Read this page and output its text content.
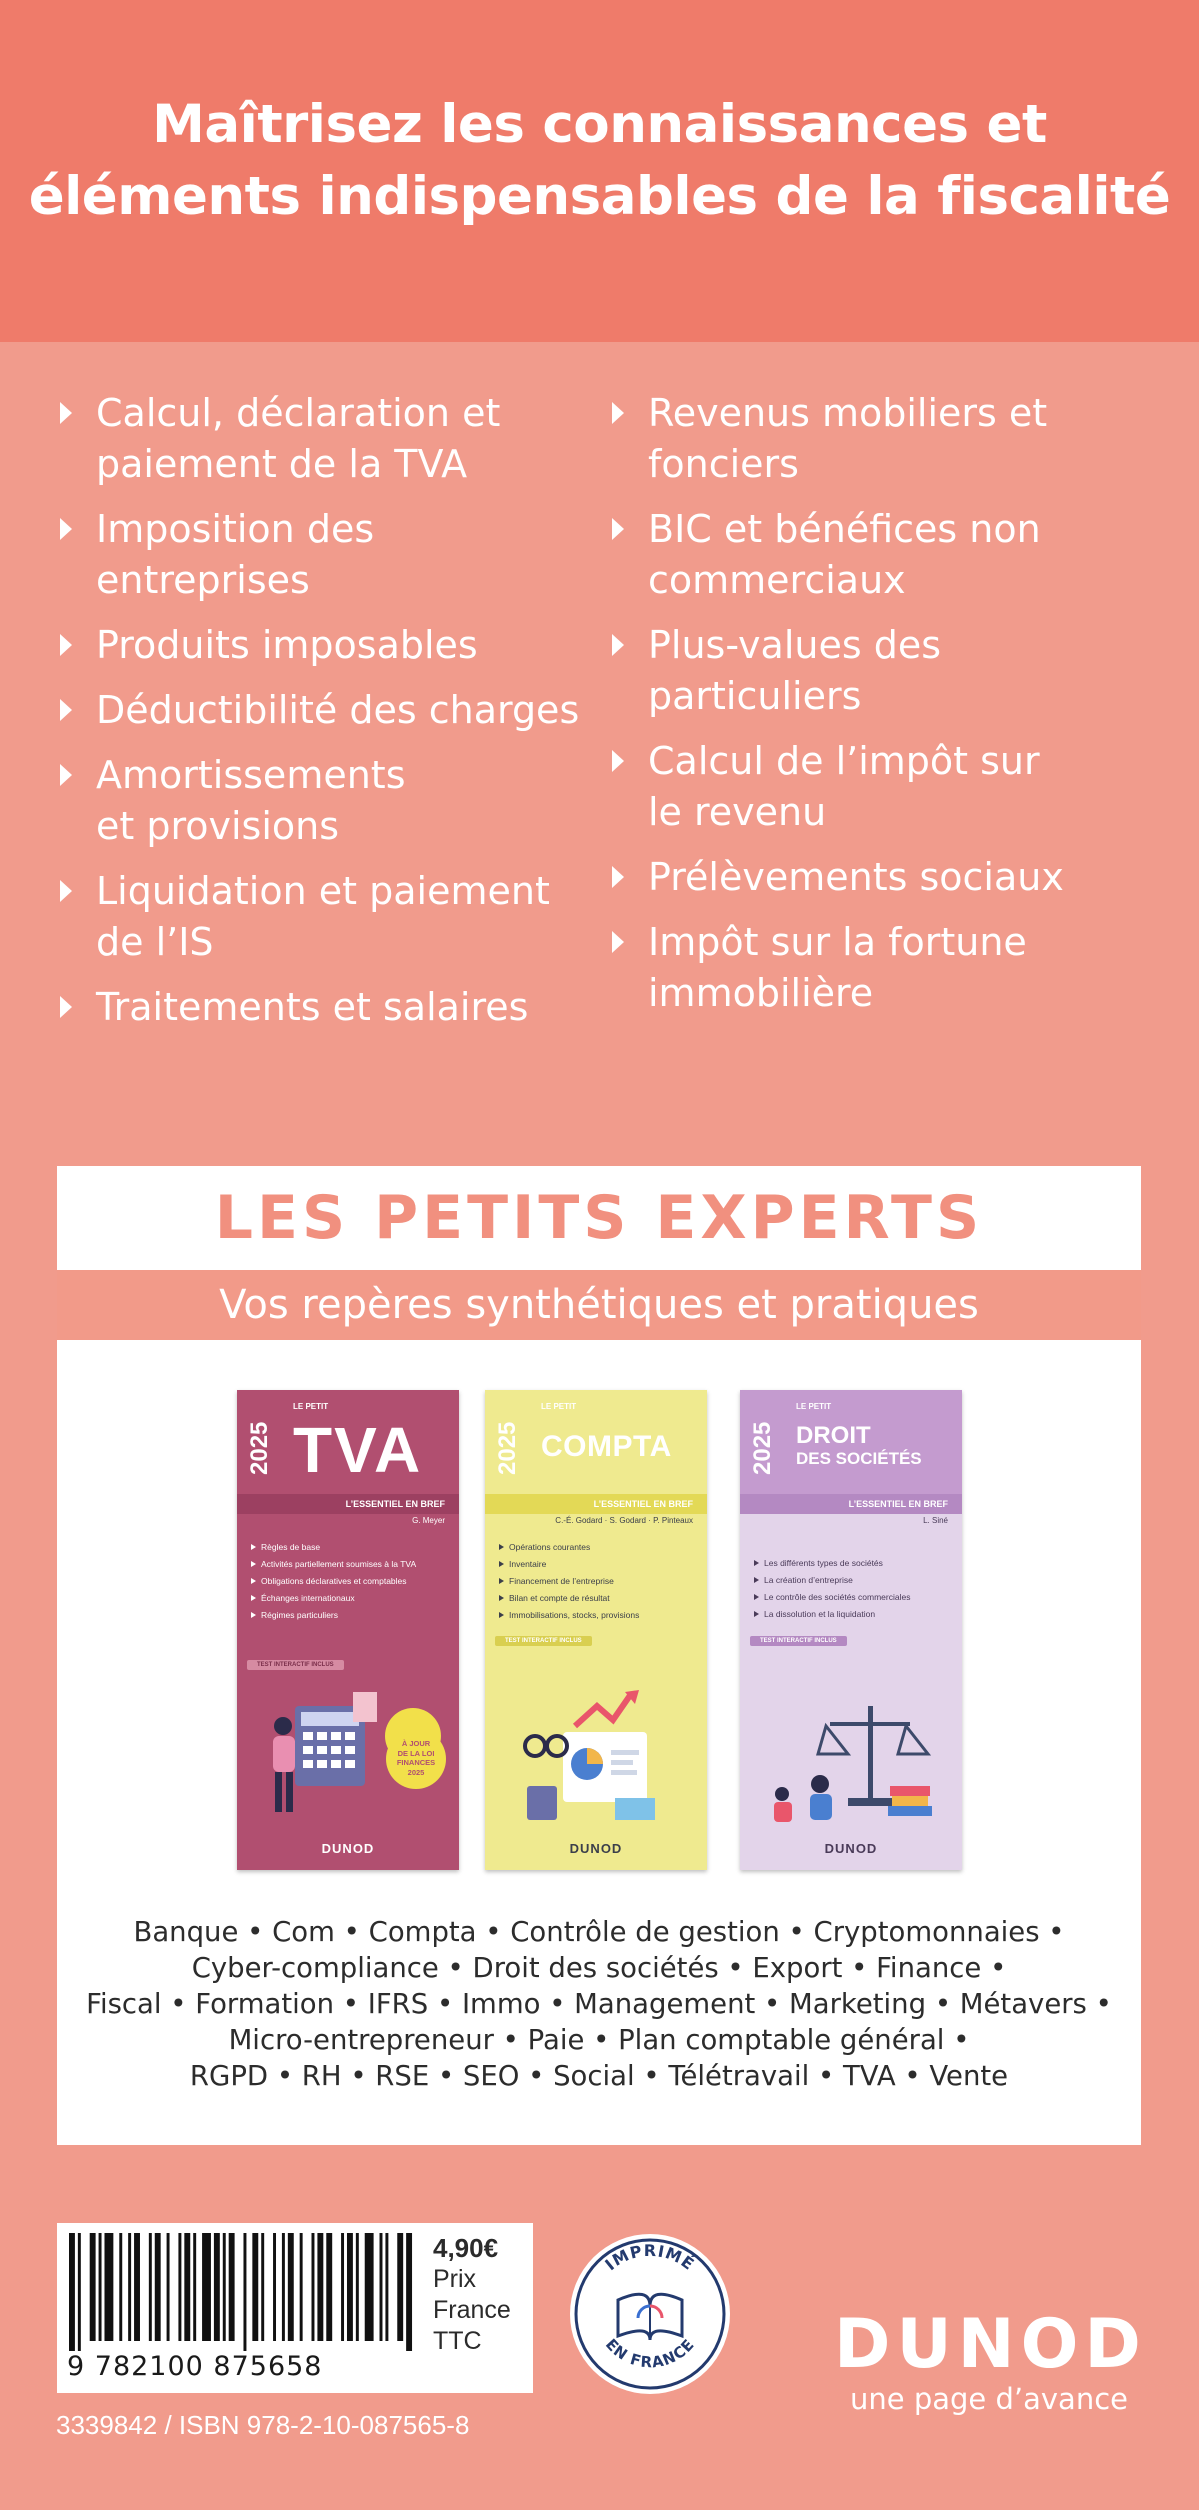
Maîtrisez les connaissances et
éléments indispensables de la fiscalité
Calcul, déclaration et
paiement de la TVA
Imposition des
entreprises
Produits imposables
Déductibilité des charges
Amortissements
et provisions
Liquidation et paiement
de l’IS
Traitements et salaires
Revenus mobiliers et
fonciers
BIC et bénéfices non
commerciaux
Plus-values des
particuliers
Calcul de l’impôt sur
le revenu
Prélèvements sociaux
Impôt sur la fortune
immobilière
LES PETITS EXPERTS
Vos repères synthétiques et pratiques
2025
LE PETIT
TVA
L’ESSENTIEL EN BREF
G. Meyer
Règles de base
Activités partiellement soumises à la TVA
Obligations déclaratives et comptables
Échanges internationaux
Régimes particuliers
TEST INTERACTIF INCLUS
À JOUR
DE LA LOI
FINANCES
2025
DUNOD
2025
LE PETIT
COMPTA
L’ESSENTIEL EN BREF
C.-É. Godard · S. Godard · P. Pinteaux
Opérations courantes
Inventaire
Financement de l’entreprise
Bilan et compte de résultat
Immobilisations, stocks, provisions
TEST INTERACTIF INCLUS
DUNOD
2025
LE PETIT
DROIT
DES SOCIÉTÉS
L’ESSENTIEL EN BREF
L. Siné
Les différents types de sociétés
La création d’entreprise
Le contrôle des sociétés commerciales
La dissolution et la liquidation
TEST INTERACTIF INCLUS
DUNOD
Banque • Com • Compta • Contrôle de gestion • Cryptomonnaies •
Cyber-compliance • Droit des sociétés • Export • Finance •
Fiscal • Formation • IFRS • Immo • Management • Marketing • Métavers •
Micro-entrepreneur • Paie • Plan comptable général •
RGPD • RH • RSE • SEO • Social • Télétravail • TVA • Vente
9 782100 875658
4,90€
Prix
France
TTC
3339842 / ISBN 978-2-10-087565-8
IMPRIMÉ
EN FRANCE DUNOD
une page d’avance
